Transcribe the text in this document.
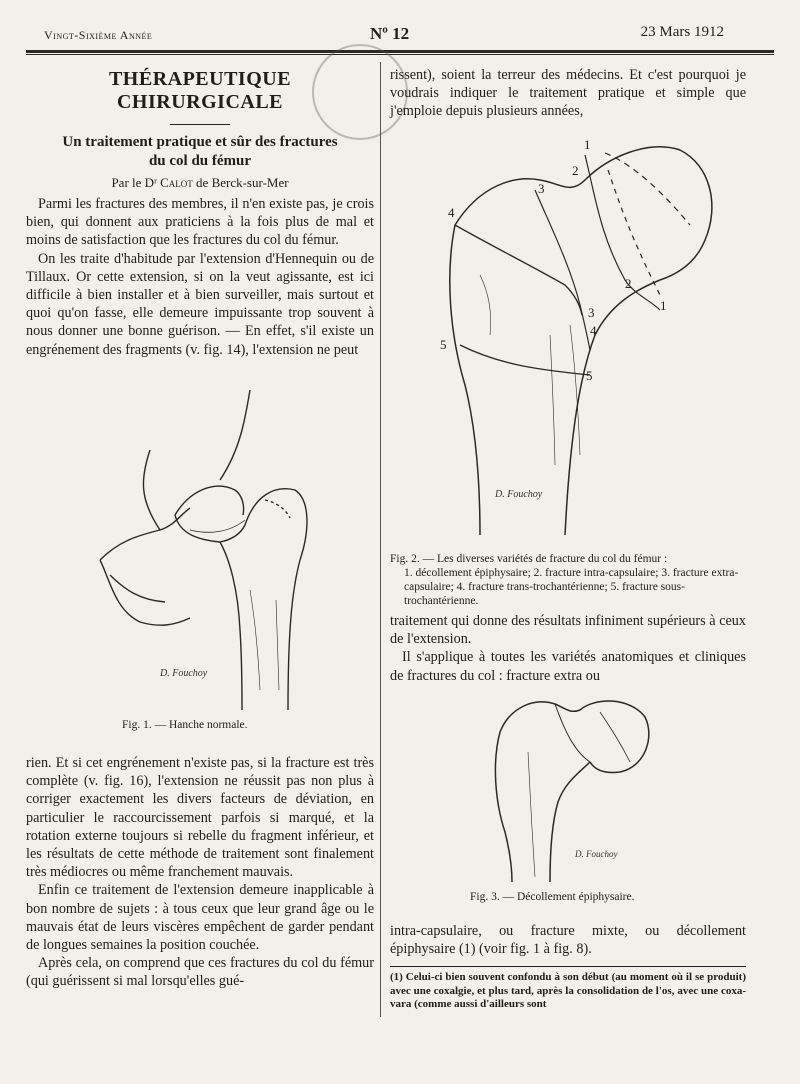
Vingt-Sixième Année	Nº 12	23 Mars 1912
THÉRAPEUTIQUE CHIRURGICALE

Un traitement pratique et sûr des fractures

du col du fémur

Par le Dʳ Calot de Berck-sur-Mer

Parmi les fractures des membres, il n'en existe pas, je crois bien, qui donnent aux praticiens à la fois plus de mal et moins de satisfaction que les fractures du col du fémur.

On les traite d'habitude par l'extension d'Hennequin ou de Tillaux. Or cette extension, si on la veut agissante, est ici difficile à bien installer et à bien surveiller, mais surtout et quoi qu'on fasse, elle demeure impuissante trop souvent à nous donner une bonne guérison. — En effet, s'il existe un engrénement des fragments (v. fig. 14), l'extension ne peut

D. Fouchoy
Fig. 1. — Hanche normale.

rien. Et si cet engrénement n'existe pas, si la fracture est très complète (v. fig. 16), l'extension ne réussit pas non plus à corriger exactement les divers facteurs de déviation, en particulier le raccourcissement parfois si marqué, et la rotation externe toujours si rebelle du fragment inférieur, et les résultats de cette méthode de traitement sont finalement très médiocres ou même franchement mauvais.

Enfin ce traitement de l'extension demeure inapplicable à bon nombre de sujets : à tous ceux que leur grand âge ou le mauvais état de leurs viscères empêchent de garder pendant de longues semaines la position couchée.

Après cela, on comprend que ces fractures du col du fémur (qui guérissent si mal lorsqu'elles gué-

rissent), soient la terreur des médecins. Et c'est pourquoi je voudrais indiquer le traitement pratique et simple que j'emploie depuis plusieurs années,

1
2
3
4
3
4
2
1
5
5
D. Fouchoy
Fig. 2. — Les diverses variétés de fracture du col du fémur :
1. décollement épiphysaire; 2. fracture intra-capsulaire; 3. fracture extra-capsulaire; 4. fracture trans-trochantérienne; 5. fracture sous-trochantérienne.

traitement qui donne des résultats infiniment supérieurs à ceux de l'extension.

Il s'applique à toutes les variétés anatomiques et cliniques de fractures du col : fracture extra ou

D. Fouchoy
Fig. 3. — Décollement épiphysaire.

intra-capsulaire, ou fracture mixte, ou décollement épiphysaire (1) (voir fig. 1 à fig. 8).

(1) Celui-ci bien souvent confondu à son début (au moment où il se produit) avec une coxalgie, et plus tard, après la consolidation de l'os, avec une coxa-vara (comme aussi d'ailleurs sont
